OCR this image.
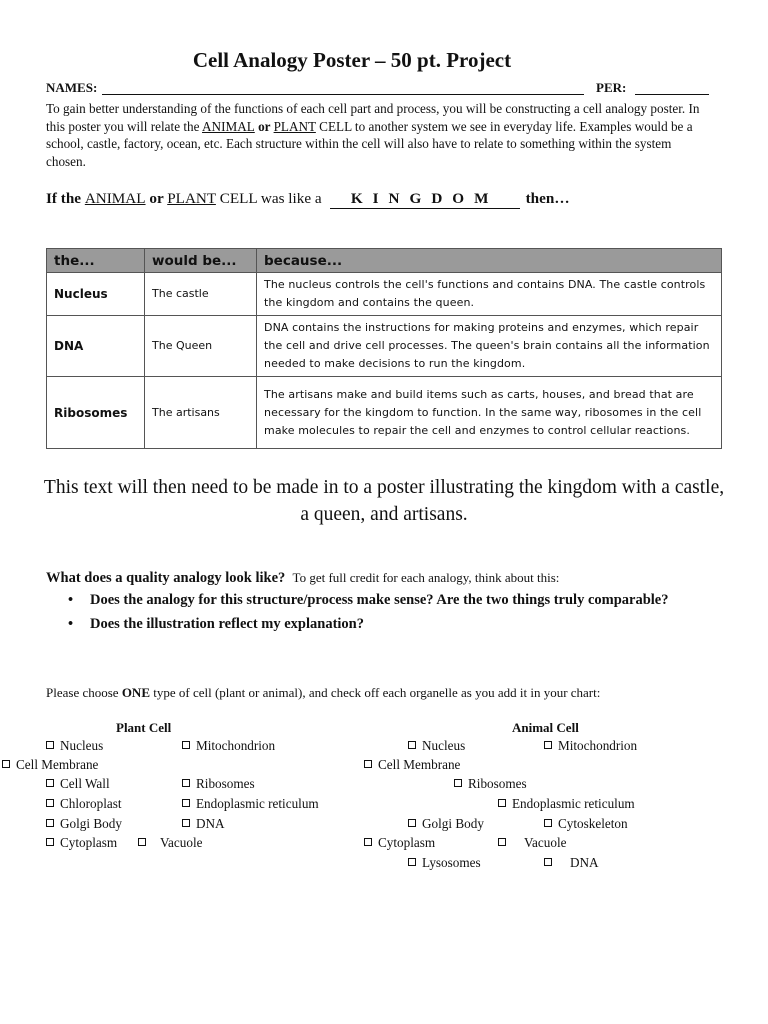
Cell Analogy Poster – 50 pt. Project
NAMES:	PER:
To gain better understanding of the functions of each cell part and process, you will be constructing a cell analogy poster. In this poster you will relate the ANIMAL or PLANT CELL to another system we see in everyday life. Examples would be a school, castle, factory, ocean, etc. Each structure within the cell will also have to relate to something within the system chosen.
If the ANIMAL or PLANT CELL was like a KINGDOM then…
the...	would be...	because...
Nucleus	The castle	The nucleus controls the cell's functions and contains DNA. The castle controls the kingdom and contains the queen.
DNA	The Queen	DNA contains the instructions for making proteins and enzymes, which repair the cell and drive cell processes. The queen's brain contains all the information needed to make decisions to run the kingdom.
Ribosomes	The artisans	The artisans make and build items such as carts, houses, and bread that are necessary for the kingdom to function. In the same way, ribosomes in the cell make molecules to repair the cell and enzymes to control cellular reactions.
This text will then need to be made in to a poster illustrating the kingdom with a castle, a queen, and artisans.
What does a quality analogy look like? To get full credit for each analogy, think about this:
• Does the analogy for this structure/process make sense? Are the two things truly comparable?
• Does the illustration reflect my explanation?
Please choose ONE type of cell (plant or animal), and check off each organelle as you add it in your chart:
Plant Cell
Nucleus	Mitochondrion
Cell Membrane
Cell Wall	Ribosomes
Chloroplast	Endoplasmic reticulum
Golgi Body	DNA
Cytoplasm	Vacuole
Animal Cell
Nucleus	Mitochondrion
Cell Membrane
Ribosomes
Endoplasmic reticulum
Golgi Body	Cytoskeleton
Cytoplasm	Vacuole
Lysosomes	DNA
